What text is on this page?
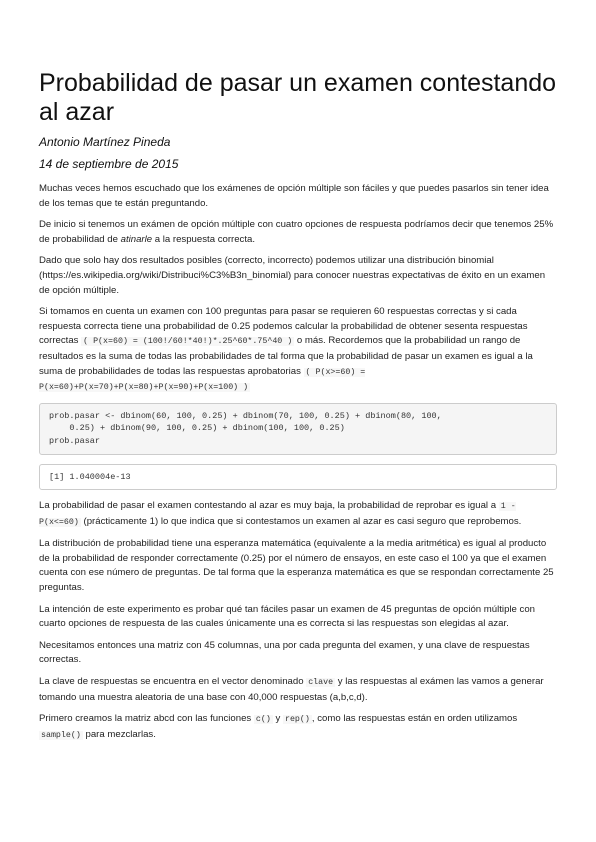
Probabilidad de pasar un examen contestando al azar
Antonio Martínez Pineda
14 de septiembre de 2015

Muchas veces hemos escuchado que los exámenes de opción múltiple son fáciles y que puedes pasarlos sin tener idea de los temas que te están preguntando.

De inicio si tenemos un exámen de opción múltiple con cuatro opciones de respuesta podríamos decir que tenemos 25% de probabilidad de atinarle a la respuesta correcta.

Dado que solo hay dos resultados posibles (correcto, incorrecto) podemos utilizar una distribución binomial (https://es.wikipedia.org/wiki/Distribuci%C3%B3n_binomial) para conocer nuestras expectativas de éxito en un examen de opción múltiple.

Si tomamos en cuenta un examen con 100 preguntas para pasar se requieren 60 respuestas correctas y si cada respuesta correcta tiene una probabilidad de 0.25 podemos calcular la probabilidad de obtener sesenta respuestas correctas ( P(x=60) = (100!/60!*40!)*.25^60*.75^40 ) o más. Recordemos que la probabilidad un rango de resultados es la suma de todas las probabilidades de tal forma que la probabilidad de pasar un examen es igual a la suma de probabilidades de todas las respuestas aprobatorias ( P(x>=60) = P(x=60)+P(x=70)+P(x=80)+P(x=90)+P(x=100) )

prob.pasar <- dbinom(60, 100, 0.25) + dbinom(70, 100, 0.25) + dbinom(80, 100,
0.25) + dbinom(90, 100, 0.25) + dbinom(100, 100, 0.25)
prob.pasar
[1] 1.040004e-13

La probabilidad de pasar el examen contestando al azar es muy baja, la probabilidad de reprobar es igual a 1 - P(x<=60) (prácticamente 1) lo que indica que si contestamos un examen al azar es casi seguro que reprobemos.

La distribución de probabilidad tiene una esperanza matemática (equivalente a la media aritmética) es igual al producto de la probabilidad de responder correctamente (0.25) por el número de ensayos, en este caso el 100 ya que el examen cuenta con ese número de preguntas. De tal forma que la esperanza matemática es que se respondan correctamente 25 preguntas.

La intención de este experimento es probar qué tan fáciles pasar un examen de 45 preguntas de opción múltiple con cuarto opciones de respuesta de las cuales únicamente una es correcta si las respuestas son elegidas al azar.

Necesitamos entonces una matriz con 45 columnas, una por cada pregunta del examen, y una clave de respuestas correctas.

La clave de respuestas se encuentra en el vector denominado clave y las respuestas al exámen las vamos a generar tomando una muestra aleatoria de una base con 40,000 respuestas (a,b,c,d).

Primero creamos la matriz abcd con las funciones c() y rep() , como las respuestas están en orden utilizamos sample() para mezclarlas.
